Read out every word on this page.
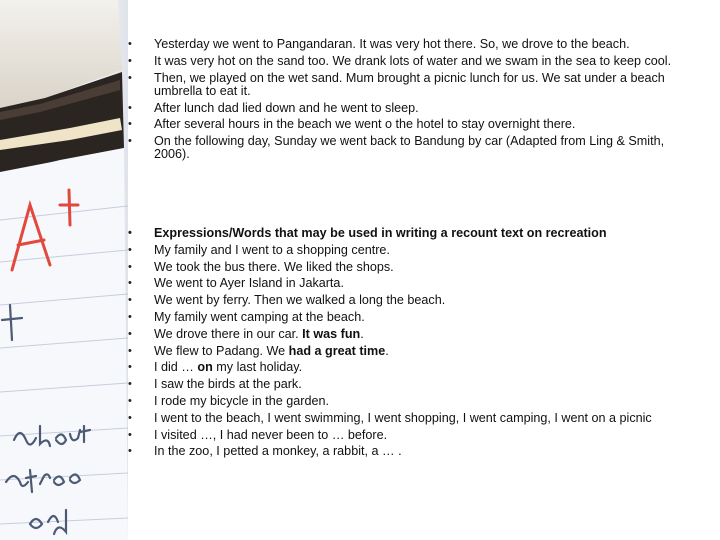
• Yesterday we went to Pangandaran. It was very hot there. So, we drove to the beach.
• It was very hot on the sand too. We drank lots of water and we swam in the sea to keep cool.
• Then, we played on the wet sand. Mum brought a picnic lunch for us. We sat under a beach umbrella to eat it.
• After lunch dad lied down and he went to sleep.
• After several hours in the beach we went o the hotel to stay overnight there.
• On the following day, Sunday we went back to Bandung by car (Adapted from Ling & Smith, 2006).
• Expressions/Words that may be used in writing a recount text on recreation
• My family and I went to a shopping centre.
• We took the bus there. We liked the shops.
• We went to Ayer Island in Jakarta.
• We went by ferry. Then we walked a long the beach.
• My family went camping at the beach.
• We drove there in our car. It was fun.
• We flew to Padang. We had a great time.
• I did … on my last holiday.
• I saw the birds at the park.
• I rode my bicycle in the garden.
• I went to the beach, I went swimming, I went shopping, I went camping, I went on a picnic
• I visited …, I had never been to … before.
• In the zoo, I petted a monkey, a rabbit, a … .
